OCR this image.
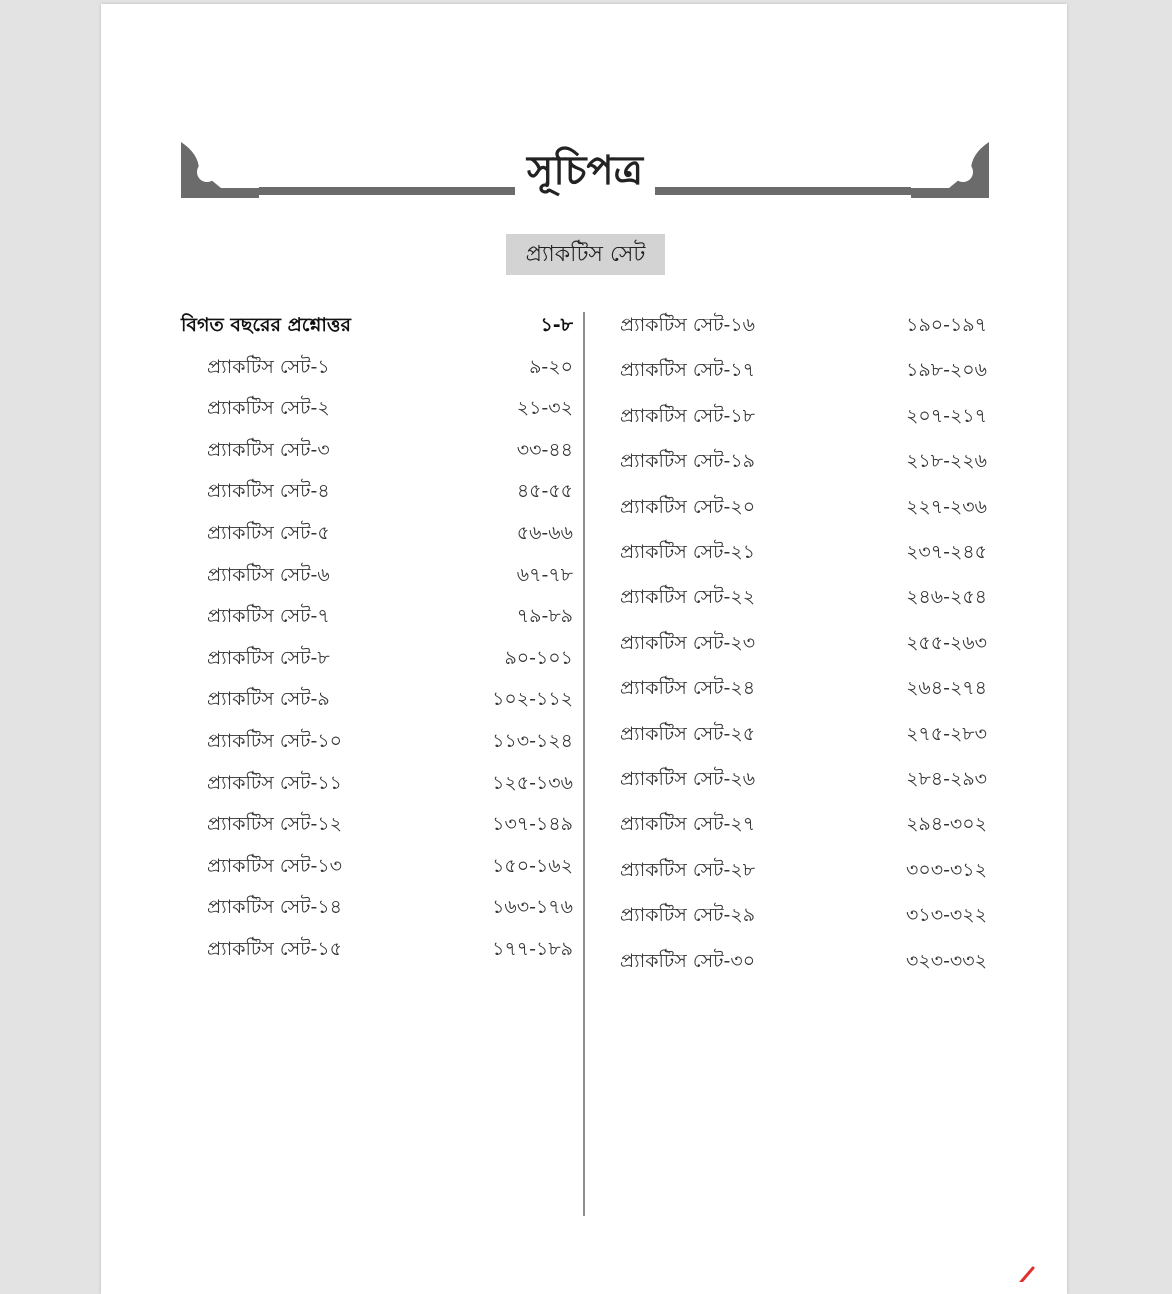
সূচিপত্র
প্র্যাকটিস সেট
বিগত বছরের প্রশ্নোত্তর	১-৮
প্র্যাকটিস সেট-১	৯-২০
প্র্যাকটিস সেট-২	২১-৩২
প্র্যাকটিস সেট-৩	৩৩-৪৪
প্র্যাকটিস সেট-৪	৪৫-৫৫
প্র্যাকটিস সেট-৫	৫৬-৬৬
প্র্যাকটিস সেট-৬	৬৭-৭৮
প্র্যাকটিস সেট-৭	৭৯-৮৯
প্র্যাকটিস সেট-৮	৯০-১০১
প্র্যাকটিস সেট-৯	১০২-১১২
প্র্যাকটিস সেট-১০	১১৩-১২৪
প্র্যাকটিস সেট-১১	১২৫-১৩৬
প্র্যাকটিস সেট-১২	১৩৭-১৪৯
প্র্যাকটিস সেট-১৩	১৫০-১৬২
প্র্যাকটিস সেট-১৪	১৬৩-১৭৬
প্র্যাকটিস সেট-১৫	১৭৭-১৮৯
প্র্যাকটিস সেট-১৬	১৯০-১৯৭
প্র্যাকটিস সেট-১৭	১৯৮-২০৬
প্র্যাকটিস সেট-১৮	২০৭-২১৭
প্র্যাকটিস সেট-১৯	২১৮-২২৬
প্র্যাকটিস সেট-২০	২২৭-২৩৬
প্র্যাকটিস সেট-২১	২৩৭-২৪৫
প্র্যাকটিস সেট-২২	২৪৬-২৫৪
প্র্যাকটিস সেট-২৩	২৫৫-২৬৩
প্র্যাকটিস সেট-২৪	২৬৪-২৭৪
প্র্যাকটিস সেট-২৫	২৭৫-২৮৩
প্র্যাকটিস সেট-২৬	২৮৪-২৯৩
প্র্যাকটিস সেট-২৭	২৯৪-৩০২
প্র্যাকটিস সেট-২৮	৩০৩-৩১২
প্র্যাকটিস সেট-২৯	৩১৩-৩২২
প্র্যাকটিস সেট-৩০	৩২৩-৩৩২
